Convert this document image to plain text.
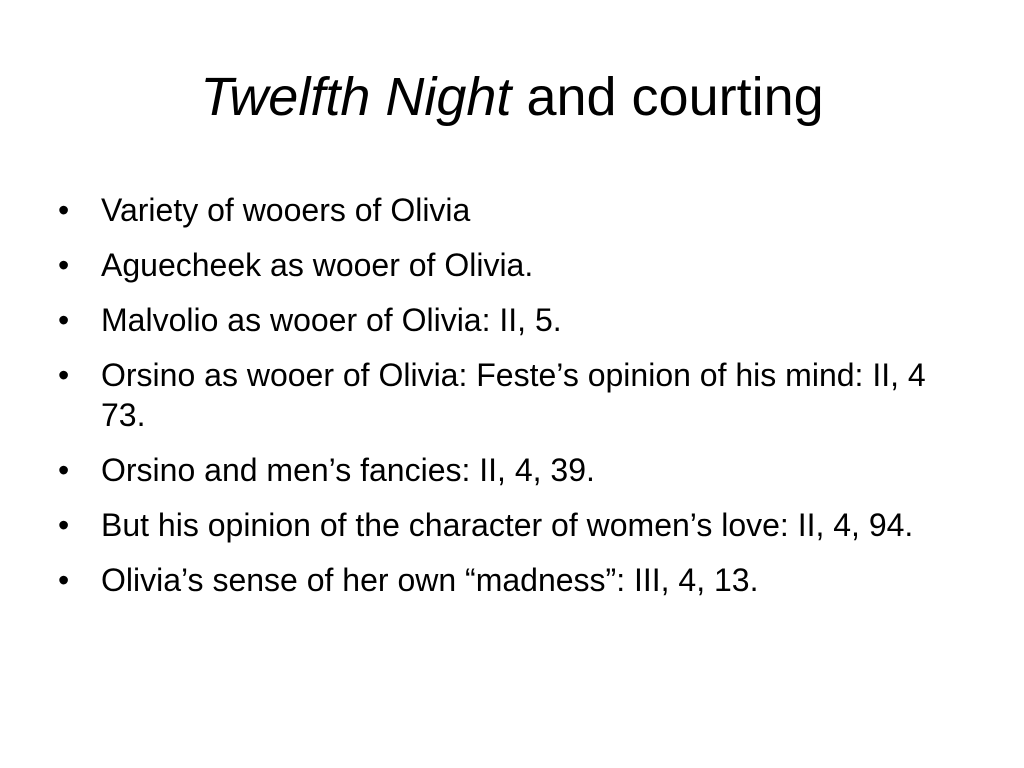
Twelfth Night and courting
• Variety of wooers of Olivia
• Aguecheek as wooer of Olivia.
• Malvolio as wooer of Olivia: II, 5.
• Orsino as wooer of Olivia: Feste’s opinion of his mind: II, 4 73.
• Orsino and men’s fancies: II, 4, 39.
• But his opinion of the character of women’s love: II, 4, 94.
• Olivia’s sense of her own “madness”: III, 4, 13.
